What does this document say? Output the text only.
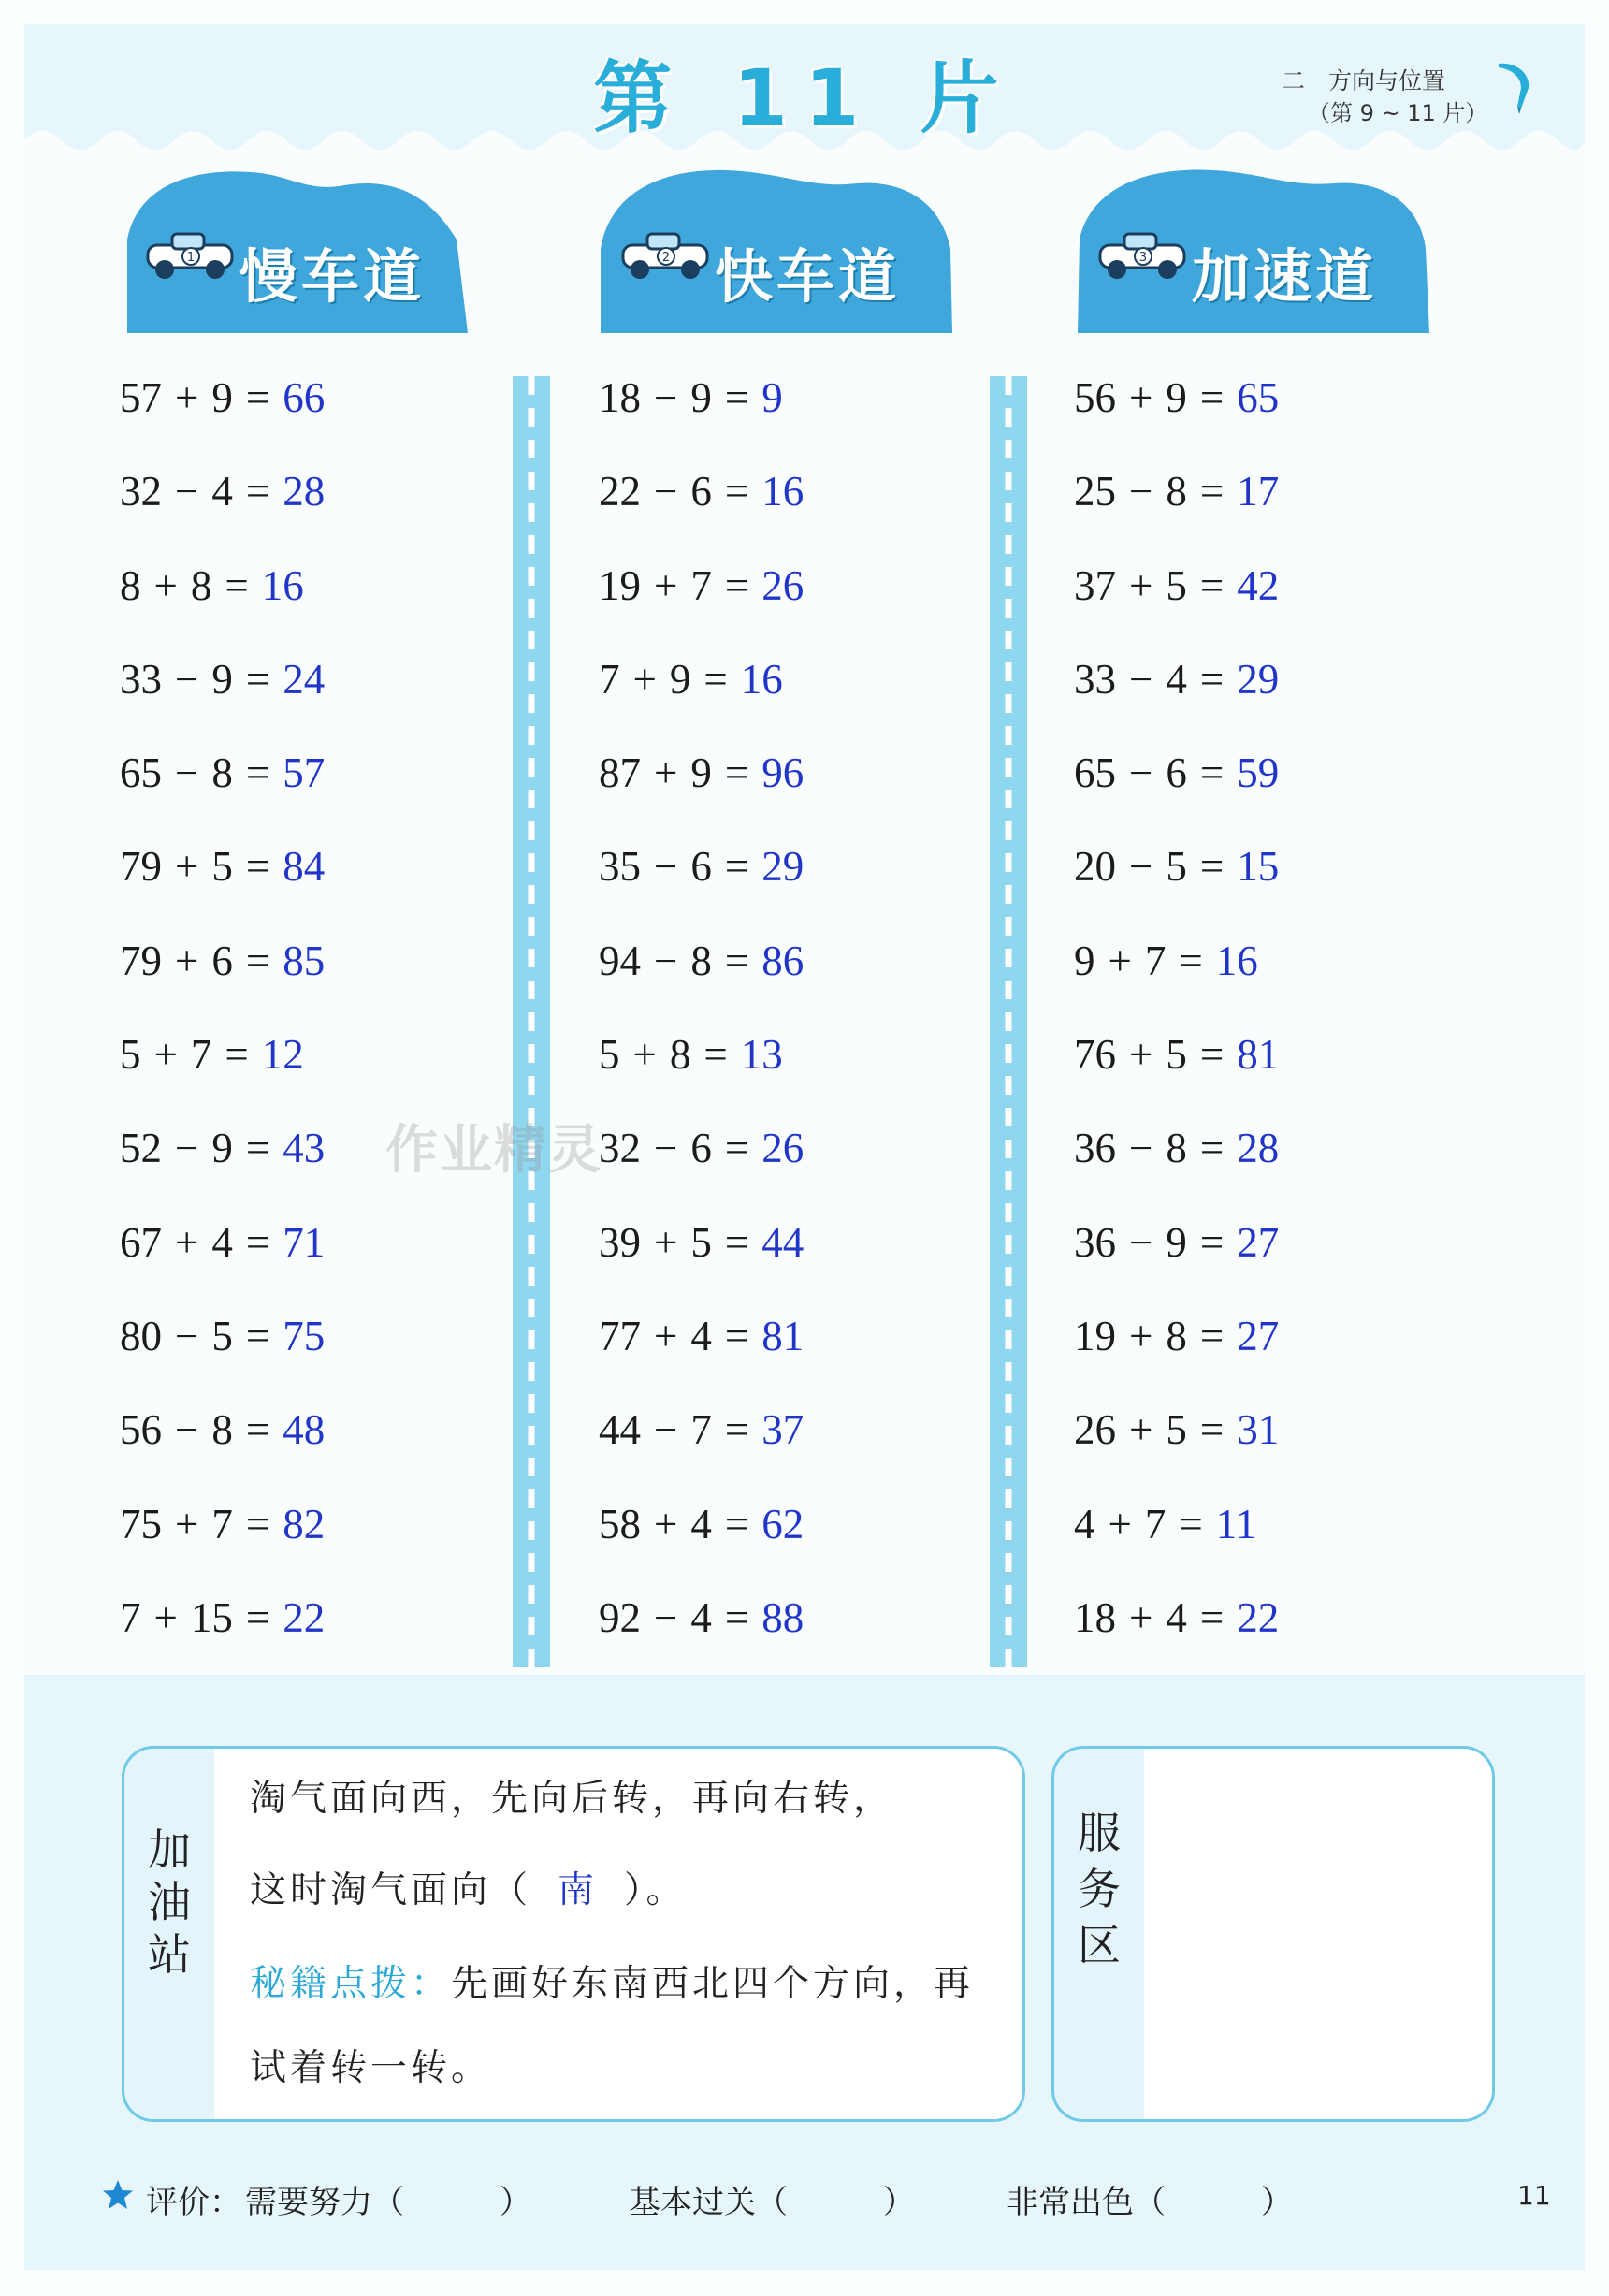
第 11 片	二　方向与位置
（第 9 ~ 11 片）
1 慢车道	2 快车道	3 加速道
57 + 9 = 66
32 − 4 = 28
8 + 8 = 16
33 − 9 = 24
65 − 8 = 57
79 + 5 = 84
79 + 6 = 85
5 + 7 = 12
52 − 9 = 43
67 + 4 = 71
80 − 5 = 75
56 − 8 = 48
75 + 7 = 82
7 + 15 = 22
18 − 9 = 9
22 − 6 = 16
19 + 7 = 26
7 + 9 = 16
87 + 9 = 96
35 − 6 = 29
94 − 8 = 86
5 + 8 = 13
32 − 6 = 26
39 + 5 = 44
77 + 4 = 81
44 − 7 = 37
58 + 4 = 62
92 − 4 = 88
56 + 9 = 65
25 − 8 = 17
37 + 5 = 42
33 − 4 = 29
65 − 6 = 59
20 − 5 = 15
9 + 7 = 16
76 + 5 = 81
36 − 8 = 28
36 − 9 = 27
19 + 8 = 27
26 + 5 = 31
4 + 7 = 11
18 + 4 = 22
作业精灵
加油站
淘气面向西，先向后转，再向右转，
这时淘气面向（ 南 ）。
秘籍点拨：先画好东南西北四个方向，再
试着转一转。
服务区
评价： 需要努力（　　　）	基本过关（　　　）	非常出色（　　　）	11
